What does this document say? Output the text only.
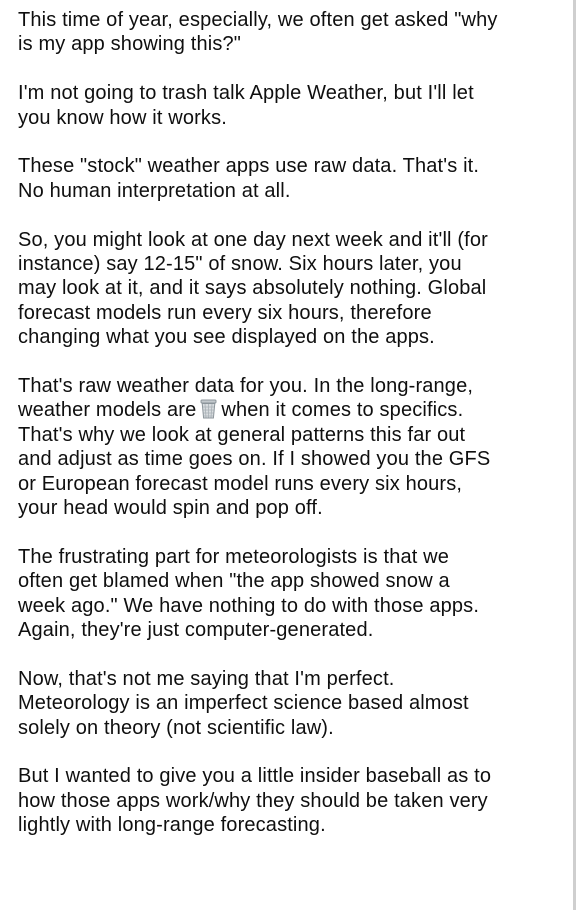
This time of year, especially, we often get asked "why
is my app showing this?"

I'm not going to trash talk Apple Weather, but I'll let
you know how it works.

These "stock" weather apps use raw data. That's it.
No human interpretation at all.

So, you might look at one day next week and it'll (for
instance) say 12-15" of snow. Six hours later, you
may look at it, and it says absolutely nothing. Global
forecast models run every six hours, therefore
changing what you see displayed on the apps.

That's raw weather data for you. In the long-range,
weather models are when it comes to specifics.
That's why we look at general patterns this far out
and adjust as time goes on. If I showed you the GFS
or European forecast model runs every six hours,
your head would spin and pop off.

The frustrating part for meteorologists is that we
often get blamed when "the app showed snow a
week ago." We have nothing to do with those apps.
Again, they're just computer-generated.

Now, that's not me saying that I'm perfect.
Meteorology is an imperfect science based almost
solely on theory (not scientific law).

But I wanted to give you a little insider baseball as to
how those apps work/why they should be taken very
lightly with long-range forecasting.
